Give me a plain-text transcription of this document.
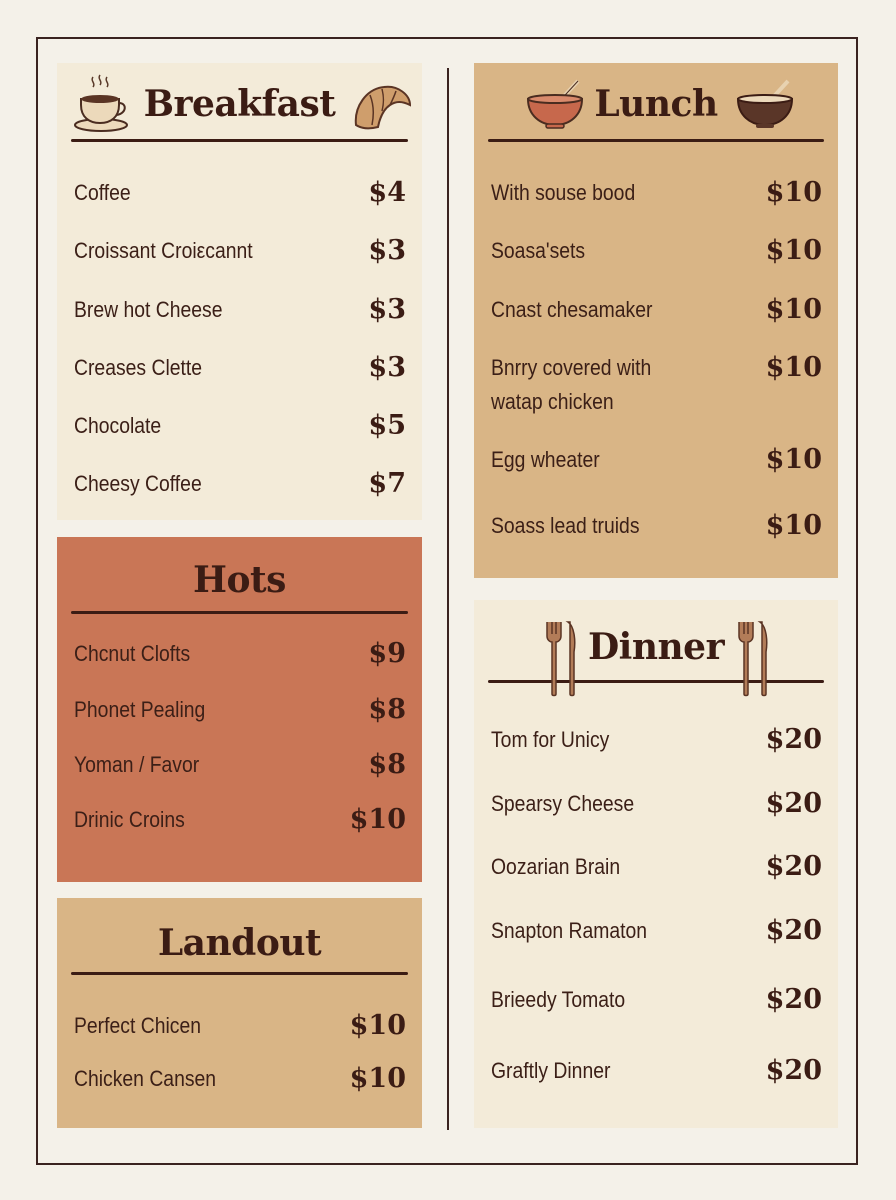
Breakfast
Coffee	$4
Croissant Croiεcannt	$3
Brew hot Cheese	$3
Creases Clette	$3
Chocolate	$5
Cheesy Coffee	$7
Hots
Chcnut Clofts	$9
Phonet Pealing	$8
Yoman / Favor	$8
Drinic Croins	$10
Landout
Perfect Chicen	$10
Chicken Cansen	$10
Lunch
With souse bood	$10
Soasa'sets	$10
Cnast chesamaker	$10
Bnrry covered with watap chicken
$10
Egg wheater	$10
Soass lead truids	$10
Dinner
Tom for Unicy	$20
Spearsy Cheese	$20
Oozarian Brain	$20
Snapton Ramaton	$20
Brieedy Tomato	$20
Graftly Dinner	$20
